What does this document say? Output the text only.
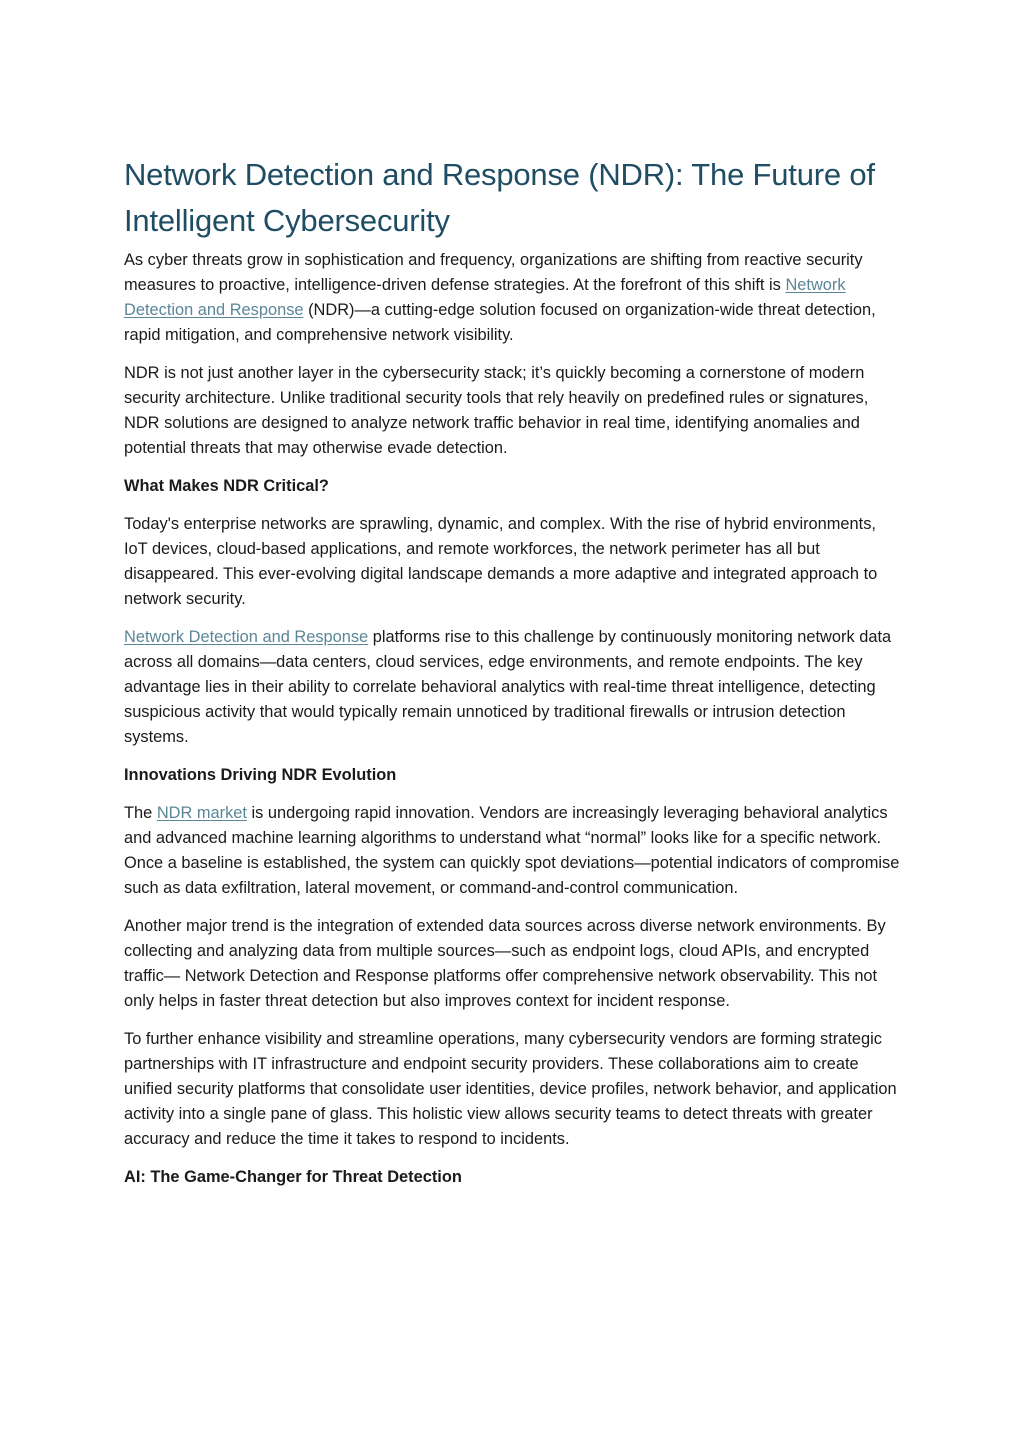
Network Detection and Response (NDR): The Future of Intelligent Cybersecurity

As cyber threats grow in sophistication and frequency, organizations are shifting from reactive security measures to proactive, intelligence-driven defense strategies. At the forefront of this shift is Network Detection and Response (NDR)—a cutting-edge solution focused on organization-wide threat detection, rapid mitigation, and comprehensive network visibility.

NDR is not just another layer in the cybersecurity stack; it’s quickly becoming a cornerstone of modern security architecture. Unlike traditional security tools that rely heavily on predefined rules or signatures, NDR solutions are designed to analyze network traffic behavior in real time, identifying anomalies and potential threats that may otherwise evade detection.

What Makes NDR Critical?

Today's enterprise networks are sprawling, dynamic, and complex. With the rise of hybrid environments, IoT devices, cloud-based applications, and remote workforces, the network perimeter has all but disappeared. This ever-evolving digital landscape demands a more adaptive and integrated approach to network security.

Network Detection and Response platforms rise to this challenge by continuously monitoring network data across all domains—data centers, cloud services, edge environments, and remote endpoints. The key advantage lies in their ability to correlate behavioral analytics with real-time threat intelligence, detecting suspicious activity that would typically remain unnoticed by traditional firewalls or intrusion detection systems.

Innovations Driving NDR Evolution

The NDR market is undergoing rapid innovation. Vendors are increasingly leveraging behavioral analytics and advanced machine learning algorithms to understand what “normal” looks like for a specific network. Once a baseline is established, the system can quickly spot deviations—potential indicators of compromise such as data exfiltration, lateral movement, or command-and-control communication.

Another major trend is the integration of extended data sources across diverse network environments. By collecting and analyzing data from multiple sources—such as endpoint logs, cloud APIs, and encrypted traffic— Network Detection and Response platforms offer comprehensive network observability. This not only helps in faster threat detection but also improves context for incident response.

To further enhance visibility and streamline operations, many cybersecurity vendors are forming strategic partnerships with IT infrastructure and endpoint security providers. These collaborations aim to create unified security platforms that consolidate user identities, device profiles, network behavior, and application activity into a single pane of glass. This holistic view allows security teams to detect threats with greater accuracy and reduce the time it takes to respond to incidents.

AI: The Game-Changer for Threat Detection
